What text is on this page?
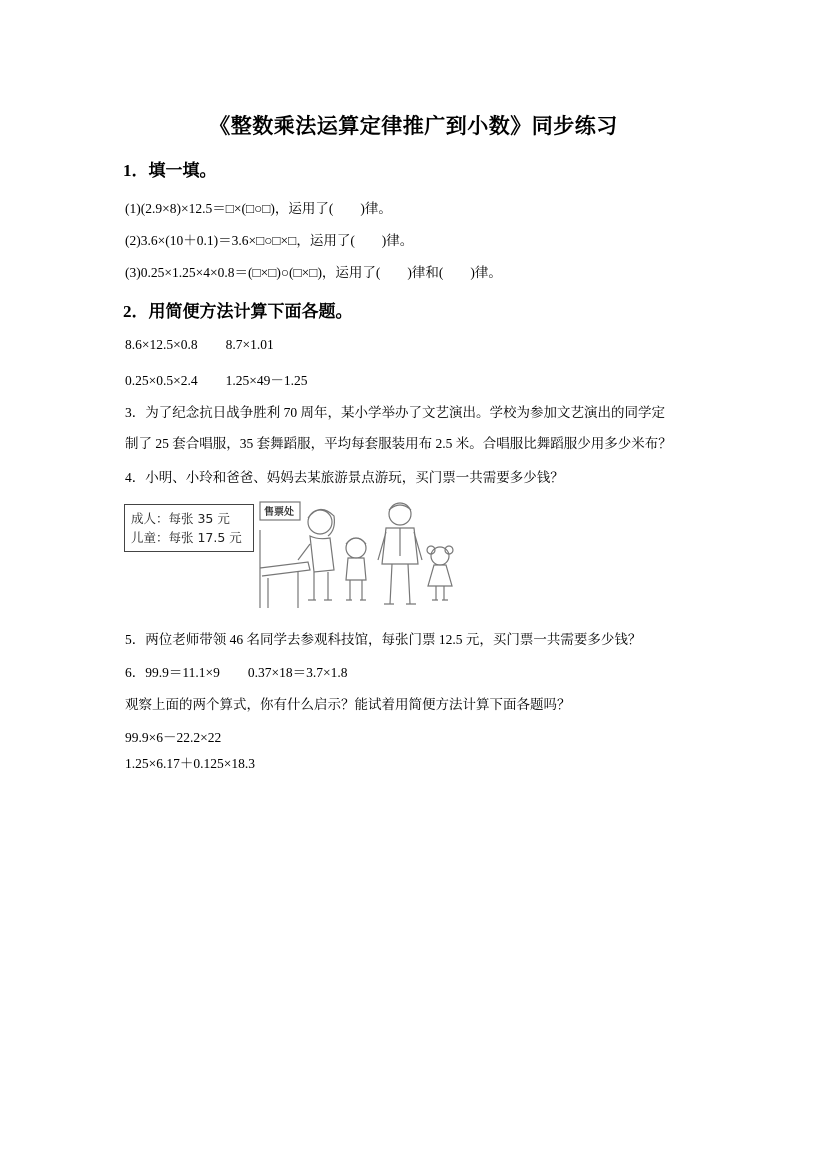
《整数乘法运算定律推广到小数》同步练习
1．填一填。
(1)(2.9×8)×12.5＝□×(□○□)，运用了(　　)律。
(2)3.6×(10＋0.1)＝3.6×□○□×□，运用了(　　)律。
(3)0.25×1.25×4×0.8＝(□×□)○(□×□)，运用了(　　)律和(　　)律。
2．用简便方法计算下面各题。
8.6×12.5×0.8 8.7×1.01
0.25×0.5×2.4 1.25×49－1.25
3．为了纪念抗日战争胜利 70 周年，某小学举办了文艺演出。学校为参加文艺演出的同学定
制了 25 套合唱服，35 套舞蹈服，平均每套服装用布 2.5 米。合唱服比舞蹈服少用多少米布？
4．小明、小玲和爸爸、妈妈去某旅游景点游玩，买门票一共需要多少钱？
成人：每张 35 元
儿童：每张 17.5 元
售票处
5．两位老师带领 46 名同学去参观科技馆，每张门票 12.5 元，买门票一共需要多少钱？
6．99.9＝11.1×9 0.37×18＝3.7×1.8
观察上面的两个算式，你有什么启示？能试着用简便方法计算下面各题吗？
99.9×6－22.2×22
1.25×6.17＋0.125×18.3
